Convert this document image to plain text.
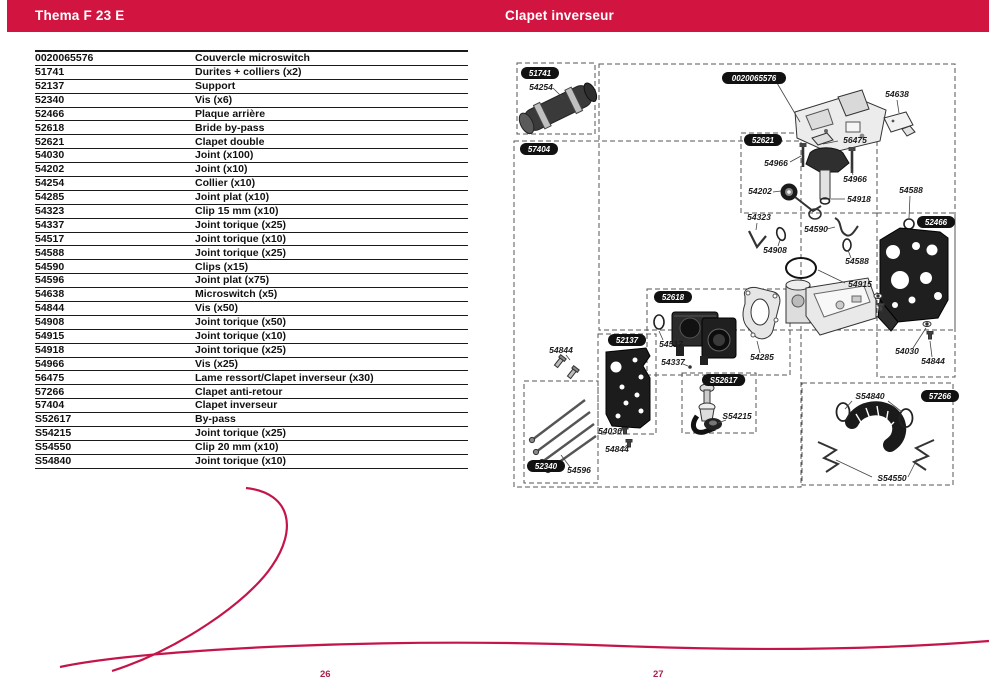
Thema F 23 E	Clapet inverseur
0020065576	Couvercle microswitch
51741	Durites + colliers (x2)
52137	Support
52340	Vis (x6)
52466	Plaque arrière
52618	Bride by-pass
52621	Clapet double
54030	Joint (x100)
54202	Joint (x10)
54254	Collier (x10)
54285	Joint plat (x10)
54323	Clip 15 mm (x10)
54337	Joint torique (x25)
54517	Joint torique (x10)
54588	Joint torique (x25)
54590	Clips (x15)
54596	Joint plat (x75)
54638	Microswitch (x5)
54844	Vis (x50)
54908	Joint torique (x50)
54915	Joint torique (x10)
54918	Joint torique (x25)
54966	Vis (x25)
56475	Lame ressort/Clapet inverseur (x30)
57266	Clapet anti-retour
57404	Clapet inverseur
S52617	By-pass
S54215	Joint torique (x25)
S54550	Clip 20 mm (x10)
S54840	Joint torique (x10)
54254
54638
56475
54966
54966
54202
54918
54588
54323
54590
54908
54588
54915
54517
54337	54285
S54215
54844
54030
54844
54596
54030
54844
S54840
S54550
51741
57404
0020065576
52621
52466
52618
52137
S52617
52340
57266
26	27
